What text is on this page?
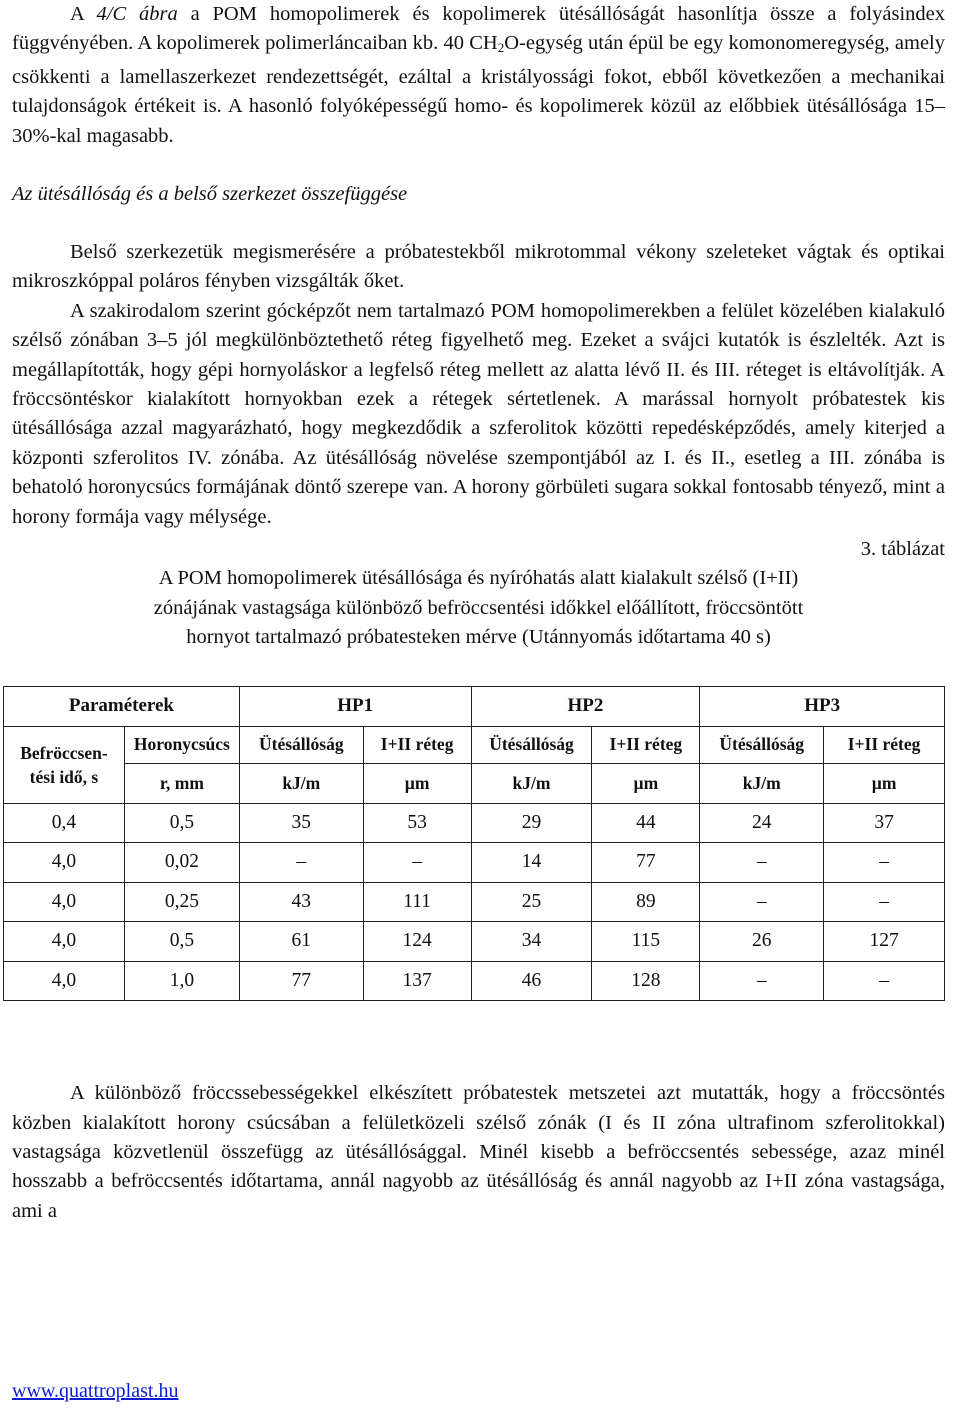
A 4/C ábra a POM homopolimerek és kopolimerek ütésállóságát hasonlítja össze a folyásindex függvényében. A kopolimerek polimerláncaiban kb. 40 $CH_2O$-egység után épül be egy komonomeregység, amely csökkenti a lamellaszerkezet rendezettségét, ezáltal a kristályossági fokot, ebből következően a mechanikai tulajdonságok értékeit is. A hasonló folyóképességű homo- és kopolimerek közül az előbbiek ütésállósága 15–30%-kal magasabb.

Az ütésállóság és a belső szerkezet összefüggése

Belső szerkezetük megismerésére a próbatestekből mikrotommal vékony szeleteket vágtak és optikai mikroszkóppal poláros fényben vizsgálták őket.

A szakirodalom szerint gócképzőt nem tartalmazó POM homopolimerekben a felület közelében kialakuló szélső zónában 3–5 jól megkülönböztethető réteg figyelhető meg. Ezeket a svájci kutatók is észlelték. Azt is megállapították, hogy gépi hornyoláskor a legfelső réteg mellett az alatta lévő II. és III. réteget is eltávolítják. A fröccsöntéskor kialakított hornyokban ezek a rétegek sértetlenek. A marással hornyolt próbatestek kis ütésállósága azzal magyarázható, hogy megkezdődik a szferolitok közötti repedésképződés, amely kiterjed a központi szferolitos IV. zónába. Az ütésállóság növelése szempontjából az I. és II., esetleg a III. zónába is behatoló horonycsúcs formájának döntő szerepe van. A horony görbületi sugara sokkal fontosabb tényező, mint a horony formája vagy mélysége.

3. táblázat
A POM homopolimerek ütésállósága és nyíróhatás alatt kialakult szélső (I+II)
zónájának vastagsága különböző befröccsentési időkkel előállított, fröccsöntött
hornyot tartalmazó próbatesteken mérve (Utánnyomás időtartama 40 s)
Paraméterek		HP1		HP2		HP3	

Befröccsen-
tési idő, s	Horonycsúcs	Ütésállóság	I+II réteg	Ütésállóság	I+II réteg	Ütésállóság	I+II réteg
	r, mm	kJ/m	µm	kJ/m	µm	kJ/m	µm
0,4	0,5	35	53	29	44	24	37
4,0	0,02	–	–	14	77	–	–
4,0	0,25	43	111	25	89	–	–
4,0	0,5	61	124	34	115	26	127
4,0	1,0	77	137	46	128	–	–

A különböző fröccssebességekkel elkészített próbatestek metszetei azt mutatták, hogy a fröccsöntés közben kialakított horony csúcsában a felületközeli szélső zónák (I és II zóna ultrafinom szferolitokkal) vastagsága közvetlenül összefügg az ütésállósággal. Minél kisebb a befröccsentés sebessége, azaz minél hosszabb a befröccsentés időtartama, annál nagyobb az ütésállóság és annál nagyobb az I+II zóna vastagsága, ami a

www.quattroplast.hu
